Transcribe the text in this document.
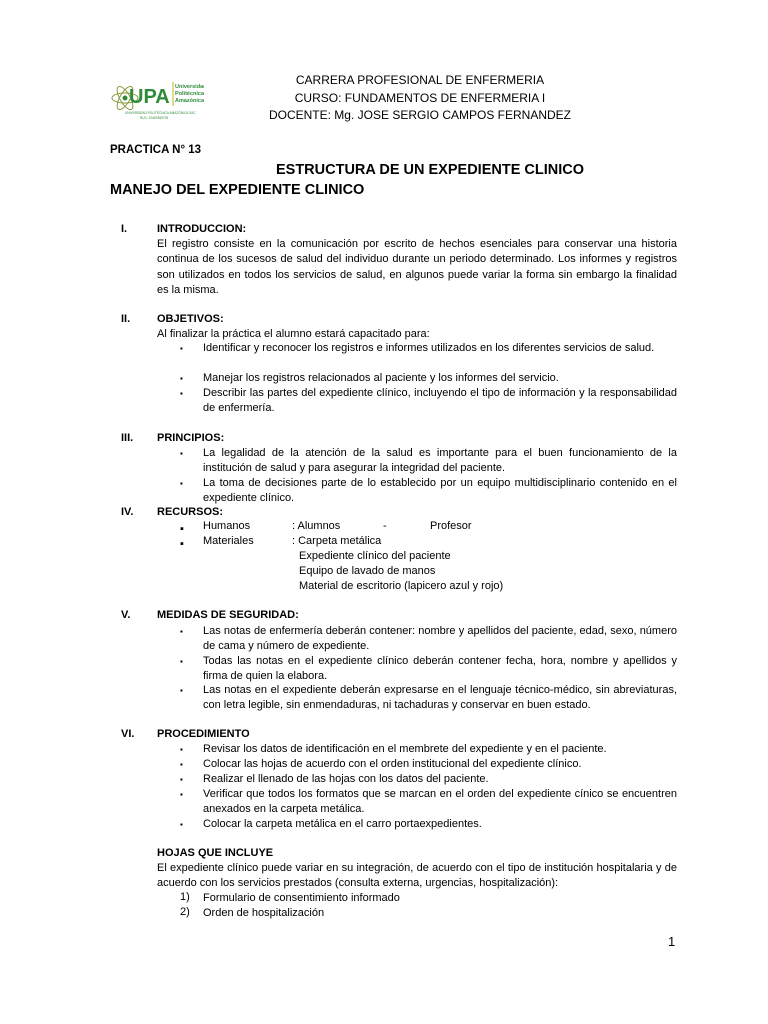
UPA Universidad
Politécnica
Amazónica
UNIVERSIDAD POLITÉCNICA AMAZÓNICA SAC
RUC: 20487869725
CARRERA PROFESIONAL DE ENFERMERIA
CURSO: FUNDAMENTOS DE ENFERMERIA I
DOCENTE: Mg. JOSE SERGIO CAMPOS FERNANDEZ
PRACTICA N° 13
ESTRUCTURA DE UN EXPEDIENTE CLINICO
MANEJO DEL EXPEDIENTE CLINICO
I.	INTRODUCCION:
El registro consiste en la comunicación por escrito de hechos esenciales para conservar una historia continua de los sucesos de salud del individuo durante un periodo determinado. Los informes y registros son utilizados en todos los servicios de salud, en algunos puede variar la forma sin embargo la finalidad es la misma.
II. OBJETIVOS:
Al finalizar la práctica el alumno estará capacitado para:
▪ Identificar y reconocer los registros e informes utilizados en los diferentes servicios de salud.
▪ Manejar los registros relacionados al paciente y los informes del servicio.
▪ Describir las partes del expediente clínico, incluyendo el tipo de información y la responsabilidad de enfermería.
III. PRINCIPIOS:
▪ La legalidad de la atención de la salud es importante para el buen funcionamiento de la institución de salud y para asegurar la integridad del paciente.
▪ La toma de decisiones parte de lo establecido por un equipo multidisciplinario contenido en el expediente clínico.
IV. RECURSOS:
▪ Humanos	: Alumnos	-	Profesor
▪ Materiales	: Carpeta metálica
Expediente clínico del paciente
Equipo de lavado de manos
Material de escritorio (lapicero azul y rojo)
V. MEDIDAS DE SEGURIDAD:
▪ Las notas de enfermería deberán contener: nombre y apellidos del paciente, edad, sexo, número de cama y número de expediente.
▪ Todas las notas en el expediente clínico deberán contener fecha, hora, nombre y apellidos y firma de quien la elabora.
▪ Las notas en el expediente deberán expresarse en el lenguaje técnico-médico, sin abreviaturas, con letra legible, sin enmendaduras, ni tachaduras y conservar en buen estado.
VI. PROCEDIMIENTO
▪ Revisar los datos de identificación en el membrete del expediente y en el paciente.
▪ Colocar las hojas de acuerdo con el orden institucional del expediente clínico.
▪ Realizar el llenado de las hojas con los datos del paciente.
▪ Verificar que todos los formatos que se marcan en el orden del expediente cínico se encuentren anexados en la carpeta metálica.
▪ Colocar la carpeta metálica en el carro portaexpedientes.
HOJAS QUE INCLUYE
El expediente clínico puede variar en su integración, de acuerdo con el tipo de institución hospitalaria y de acuerdo con los servicios prestados (consulta externa, urgencias, hospitalización):
1) Formulario de consentimiento informado
2) Orden de hospitalización
1
